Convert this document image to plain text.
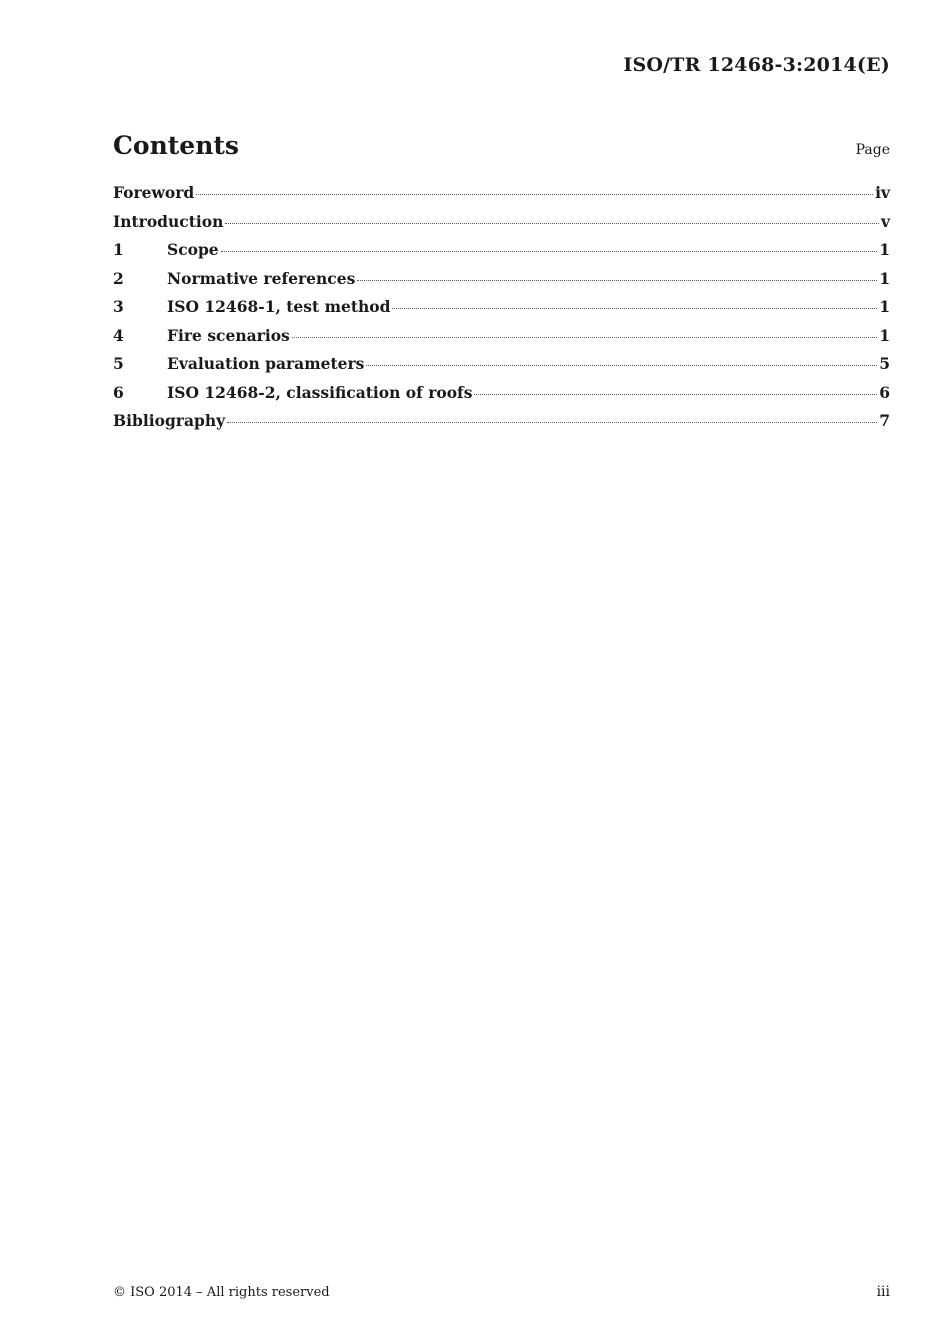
ISO/TR 12468-3:2014(E)
Contents	Page
Foreword	iv
Introduction	v
1	Scope	1
2	Normative references	1
3	ISO 12468-1, test method	1
4	Fire scenarios	1
5	Evaluation parameters	5
6	ISO 12468-2, classification of roofs	6
Bibliography	7
© ISO 2014 – All rights reserved	iii
